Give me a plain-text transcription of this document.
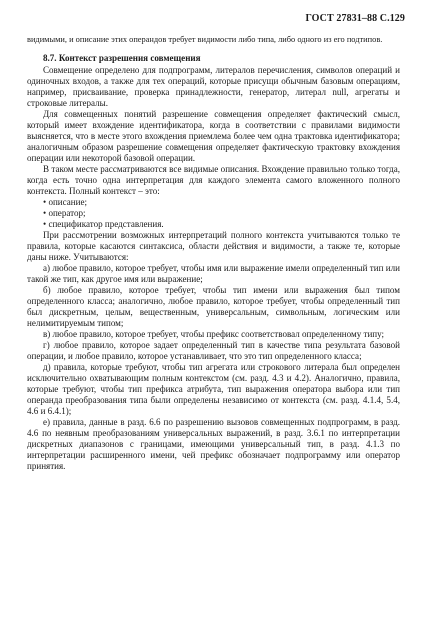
ГОСТ 27831–88 С.129

видимыми, и описание этих операндов требует видимости либо типа, либо одного из его подтипов.

8.7. Контекст разрешения совмещения

Совмещение определено для подпрограмм, литералов перечисления, символов операций и одиночных входов, а также для тех операций, которые присущи обычным базовым операциям, например, присваивание, проверка принадлежности, генератор, литерал null, агрегаты и строковые литералы.

Для совмещенных понятий разрешение совмещения определяет фактический смысл, который имеет вхождение идентификатора, когда в соответствии с правилами видимости выясняется, что в месте этого вхождения приемлема более чем одна трактовка идентификатора; аналогичным образом разрешение совмещения определяет фактическую трактовку вхождения операции или некоторой базовой операции.

В таком месте рассматриваются все видимые описания. Вхождение правильно только тогда, когда есть точно одна интерпретация для каждого элемента самого вложенного полного контекста. Полный контекст – это:

• описание;
• оператор;
• спецификатор представления.

При рассмотрении возможных интерпретаций полного контекста учитываются только те правила, которые касаются синтаксиса, области действия и видимости, а также те, которые даны ниже. Учитываются:

а) любое правило, которое требует, чтобы имя или выражение имели определенный тип или такой же тип, как другое имя или выражение;

б) любое правило, которое требует, чтобы тип имени или выражения был типом определенного класса; аналогично, любое правило, которое требует, чтобы определенный тип был дискретным, целым, вещественным, универсальным, символьным, логическим или нелимитируемым типом;

в) любое правило, которое требует, чтобы префикс соответствовал определенному типу;

г) любое правило, которое задает определенный тип в качестве типа результата базовой операции, и любое правило, которое устанавливает, что это тип определенного класса;

д) правила, которые требуют, чтобы тип агрегата или строкового литерала был определен исключительно охватывающим полным контекстом (см. разд. 4.3 и 4.2). Аналогично, правила, которые требуют, чтобы тип префикса атрибута, тип выражения оператора выбора или тип операнда преобразования типа были определены независимо от контекста (см. разд. 4.1.4, 5.4, 4.6 и 6.4.1);

е) правила, данные в разд. 6.6 по разрешению вызовов совмещенных подпрограмм, в разд. 4.6 по неявным преобразованиям универсальных выражений, в разд. 3.6.1 по интерпретации дискретных диапазонов с границами, имеющими универсальный тип, в разд. 4.1.3 по интерпретации расширенного имени, чей префикс обозначает подпрограмму или оператор принятия.
